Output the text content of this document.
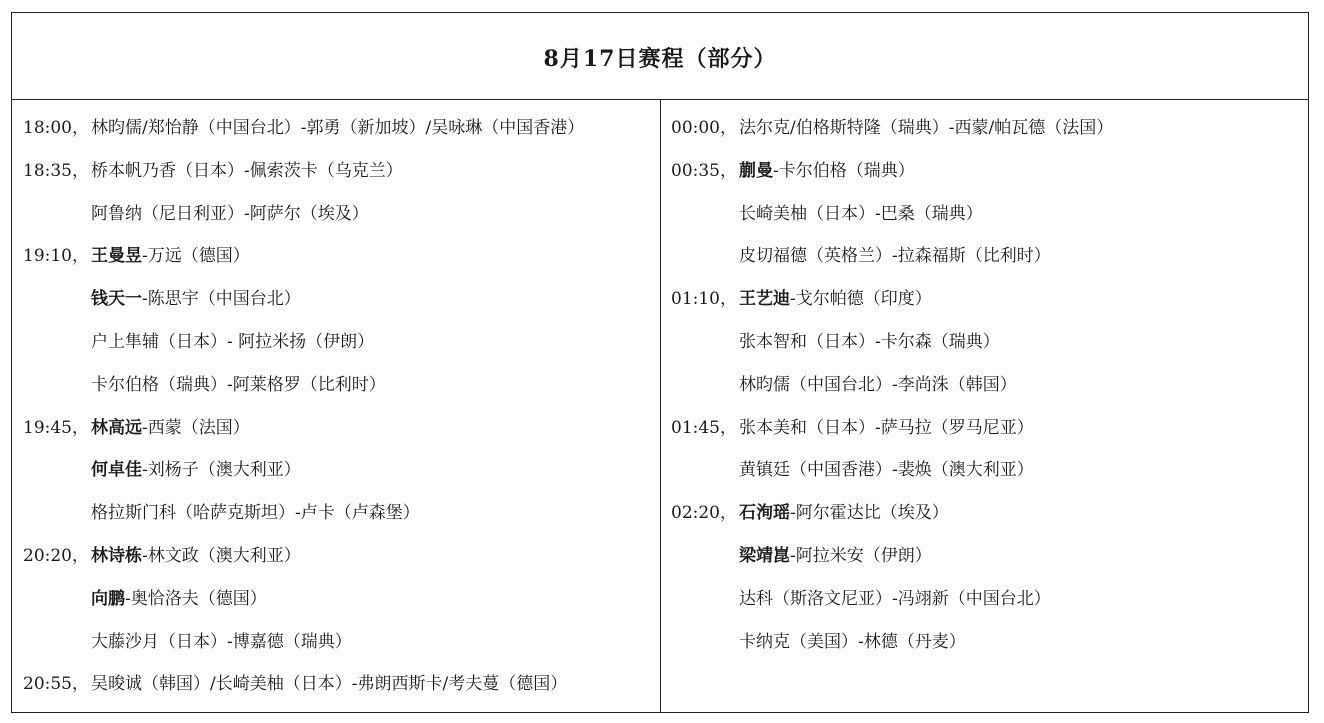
8月17日赛程（部分）
18:00， 林昀儒/郑怡静（中国台北）-郭勇（新加坡）/吴咏琳（中国香港）
18:35， 桥本帆乃香（日本）-佩索茨卡（乌克兰）
阿鲁纳（尼日利亚）-阿萨尔（埃及）
19:10， 王曼昱-万远（德国）
钱天一-陈思宇（中国台北）
户上隼辅（日本）- 阿拉米扬（伊朗）
卡尔伯格（瑞典）-阿莱格罗（比利时）
19:45， 林高远-西蒙（法国）
何卓佳-刘杨子（澳大利亚）
格拉斯门科（哈萨克斯坦）-卢卡（卢森堡）
20:20， 林诗栋-林文政（澳大利亚）
向鹏-奥恰洛夫（德国）
大藤沙月（日本）-博嘉德（瑞典）
20:55， 吴晙诚（韩国）/长崎美柚（日本）-弗朗西斯卡/考夫蔓（德国）
00:00， 法尔克/伯格斯特隆（瑞典）-西蒙/帕瓦德（法国）
00:35， 蒯曼-卡尔伯格（瑞典）
长崎美柚（日本）-巴桑（瑞典）
皮切福德（英格兰）-拉森福斯（比利时）
01:10， 王艺迪-戈尔帕德（印度）
张本智和（日本）-卡尔森（瑞典）
林昀儒（中国台北）-李尚洙（韩国）
01:45， 张本美和（日本）-萨马拉（罗马尼亚）
黄镇廷（中国香港）-裴焕（澳大利亚）
02:20， 石洵瑶-阿尔霍达比（埃及）
梁靖崑-阿拉米安（伊朗）
达科（斯洛文尼亚）-冯翊新（中国台北）
卡纳克（美国）-林德（丹麦）
